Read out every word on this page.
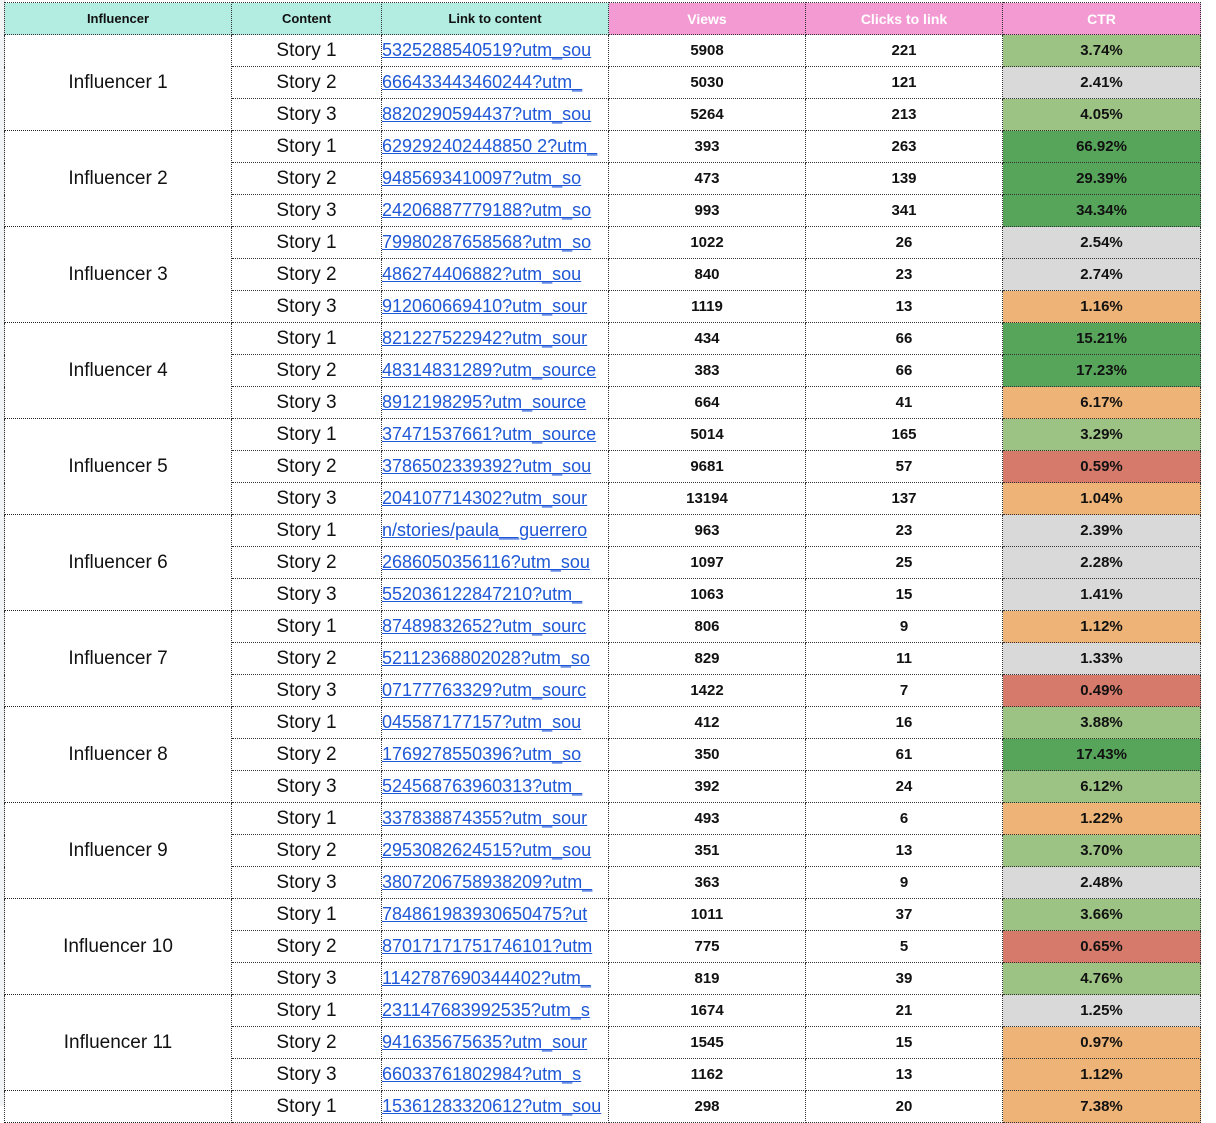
Influencer	Content	Link to content	Views	Clicks to link	CTR
Influencer 1	Story 1	5325288540519?utm_sou	5908	221	3.74%
	Story 2	666433443460244?utm_	5030	121	2.41%
	Story 3	8820290594437?utm_sou	5264	213	4.05%
Influencer 2	Story 1	629292402448850 2?utm_	393	263	66.92%
	Story 2	9485693410097?utm_so	473	139	29.39%
	Story 3	24206887779188?utm_so	993	341	34.34%
Influencer 3	Story 1	79980287658568?utm_so	1022	26	2.54%
	Story 2	486274406882?utm_sou	840	23	2.74%
	Story 3	912060669410?utm_sour	1119	13	1.16%
Influencer 4	Story 1	821227522942?utm_sour	434	66	15.21%
	Story 2	48314831289?utm_source	383	66	17.23%
	Story 3	8912198295?utm_source	664	41	6.17%
Influencer 5	Story 1	37471537661?utm_source	5014	165	3.29%
	Story 2	3786502339392?utm_sou	9681	57	0.59%
	Story 3	204107714302?utm_sour	13194	137	1.04%
Influencer 6	Story 1	n/stories/paula__guerrero	963	23	2.39%
	Story 2	2686050356116?utm_sou	1097	25	2.28%
	Story 3	552036122847210?utm_	1063	15	1.41%
Influencer 7	Story 1	87489832652?utm_sourc	806	9	1.12%
	Story 2	52112368802028?utm_so	829	11	1.33%
	Story 3	07177763329?utm_sourc	1422	7	0.49%
Influencer 8	Story 1	045587177157?utm_sou	412	16	3.88%
	Story 2	1769278550396?utm_so	350	61	17.43%
	Story 3	524568763960313?utm_	392	24	6.12%
Influencer 9	Story 1	337838874355?utm_sour	493	6	1.22%
	Story 2	2953082624515?utm_sou	351	13	3.70%
	Story 3	3807206758938209?utm_	363	9	2.48%
Influencer 10	Story 1	784861983930650475?ut	1011	37	3.66%
	Story 2	87017171751746101?utm	775	5	0.65%
	Story 3	1142787690344402?utm_	819	39	4.76%
Influencer 11	Story 1	231147683992535?utm_s	1674	21	1.25%
	Story 2	941635675635?utm_sour	1545	15	0.97%
	Story 3	66033761802984?utm_s	1162	13	1.12%
	Story 1	15361283320612?utm_sou	298	20	7.38%
